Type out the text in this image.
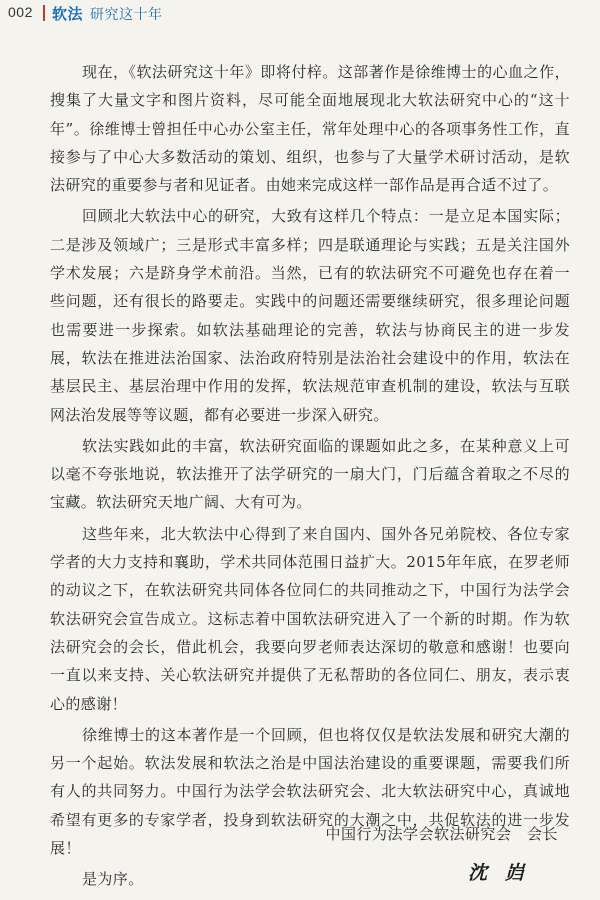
002 软法 研究这十年

现在，《软法研究这十年》即将付梓。这部著作是徐维博士的心血之作，搜集了大量文字和图片资料，尽可能全面地展现北大软法研究中心的“这十年”。徐维博士曾担任中心办公室主任，常年处理中心的各项事务性工作，直接参与了中心大多数活动的策划、组织，也参与了大量学术研讨活动，是软法研究的重要参与者和见证者。由她来完成这样一部作品是再合适不过了。

回顾北大软法中心的研究，大致有这样几个特点：一是立足本国实际；二是涉及领域广；三是形式丰富多样；四是联通理论与实践；五是关注国外学术发展；六是跻身学术前沿。当然，已有的软法研究不可避免也存在着一些问题，还有很长的路要走。实践中的问题还需要继续研究，很多理论问题也需要进一步探索。如软法基础理论的完善，软法与协商民主的进一步发展，软法在推进法治国家、法治政府特别是法治社会建设中的作用，软法在基层民主、基层治理中作用的发挥，软法规范审查机制的建设，软法与互联网法治发展等等议题，都有必要进一步深入研究。

软法实践如此的丰富，软法研究面临的课题如此之多，在某种意义上可以毫不夸张地说，软法推开了法学研究的一扇大门，门后蕴含着取之不尽的宝藏。软法研究天地广阔、大有可为。

这些年来，北大软法中心得到了来自国内、国外各兄弟院校、各位专家学者的大力支持和襄助，学术共同体范围日益扩大。2015年年底，在罗老师的动议之下，在软法研究共同体各位同仁的共同推动之下，中国行为法学会软法研究会宣告成立。这标志着中国软法研究进入了一个新的时期。作为软法研究会的会长，借此机会，我要向罗老师表达深切的敬意和感谢！也要向一直以来支持、关心软法研究并提供了无私帮助的各位同仁、朋友，表示衷心的感谢！

徐维博士的这本著作是一个回顾，但也将仅仅是软法发展和研究大潮的另一个起始。软法发展和软法之治是中国法治建设的重要课题，需要我们所有人的共同努力。中国行为法学会软法研究会、北大软法研究中心，真诚地希望有更多的专家学者，投身到软法研究的大潮之中，共促软法的进一步发展！

是为序。

中国行为法学会软法研究会　会长
沈岿
